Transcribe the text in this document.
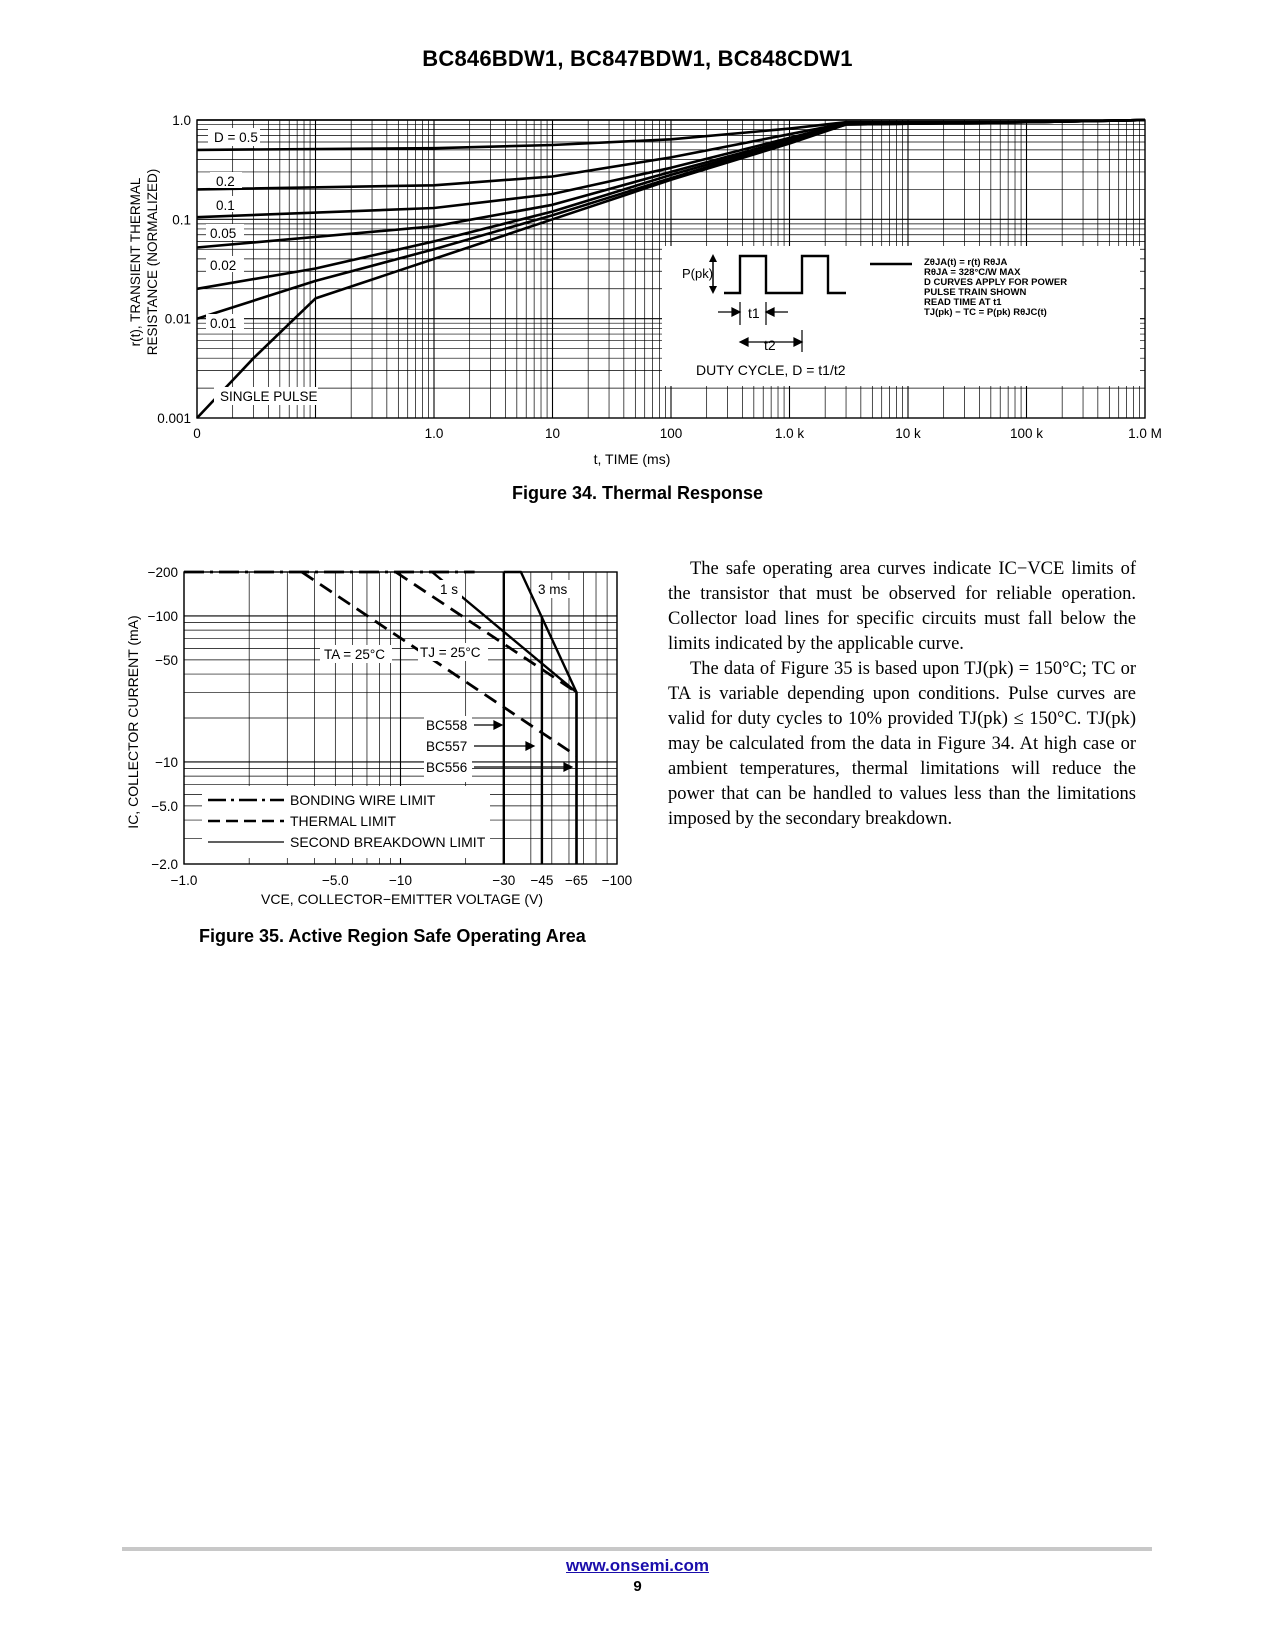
BC846BDW1, BC847BDW1, BC848CDW1
0	1.0	10	100	1.0 k	10 k	100 k	1.0 M
1.0
0.1
0.01
0.001
P(pk)
t1
t2
DUTY CYCLE, D = t1/t2
ZθJA(t) = r(t) RθJA
RθJA = 328°C/W MAX
D CURVES APPLY FOR POWER
PULSE TRAIN SHOWN
READ TIME AT t1
TJ(pk) − TC = P(pk) RθJC(t)
D = 0.5
0.2
0.1
0.05
0.02
0.01
SINGLE PULSE
t, TIME (ms)
r(t), TRANSIENT THERMAL RESISTANCE (NORMALIZED)
Figure 34. Thermal Response
−1.0	−5.0	−10	−30 −45 −65 −100
−200
−100
−50
−10
−5.0
−2.0
1 s	3 ms
TA = 25°C	TJ = 25°C
BC558
BC557
BC556
BONDING WIRE LIMIT
THERMAL LIMIT
SECOND BREAKDOWN LIMIT
VCE, COLLECTOR−EMITTER VOLTAGE (V)
IC, COLLECTOR CURRENT (mA)
Figure 35. Active Region Safe Operating Area

The safe operating area curves indicate IC−VCE limits of the transistor that must be observed for reliable operation. Collector load lines for specific circuits must fall below the limits indicated by the applicable curve.

The data of Figure 35 is based upon TJ(pk) = 150°C; TC or TA is variable depending upon conditions. Pulse curves are valid for duty cycles to 10% provided TJ(pk) ≤ 150°C. TJ(pk) may be calculated from the data in Figure 34. At high case or ambient temperatures, thermal limitations will reduce the power that can be handled to values less than the limitations imposed by the secondary breakdown.

www.onsemi.com
9
